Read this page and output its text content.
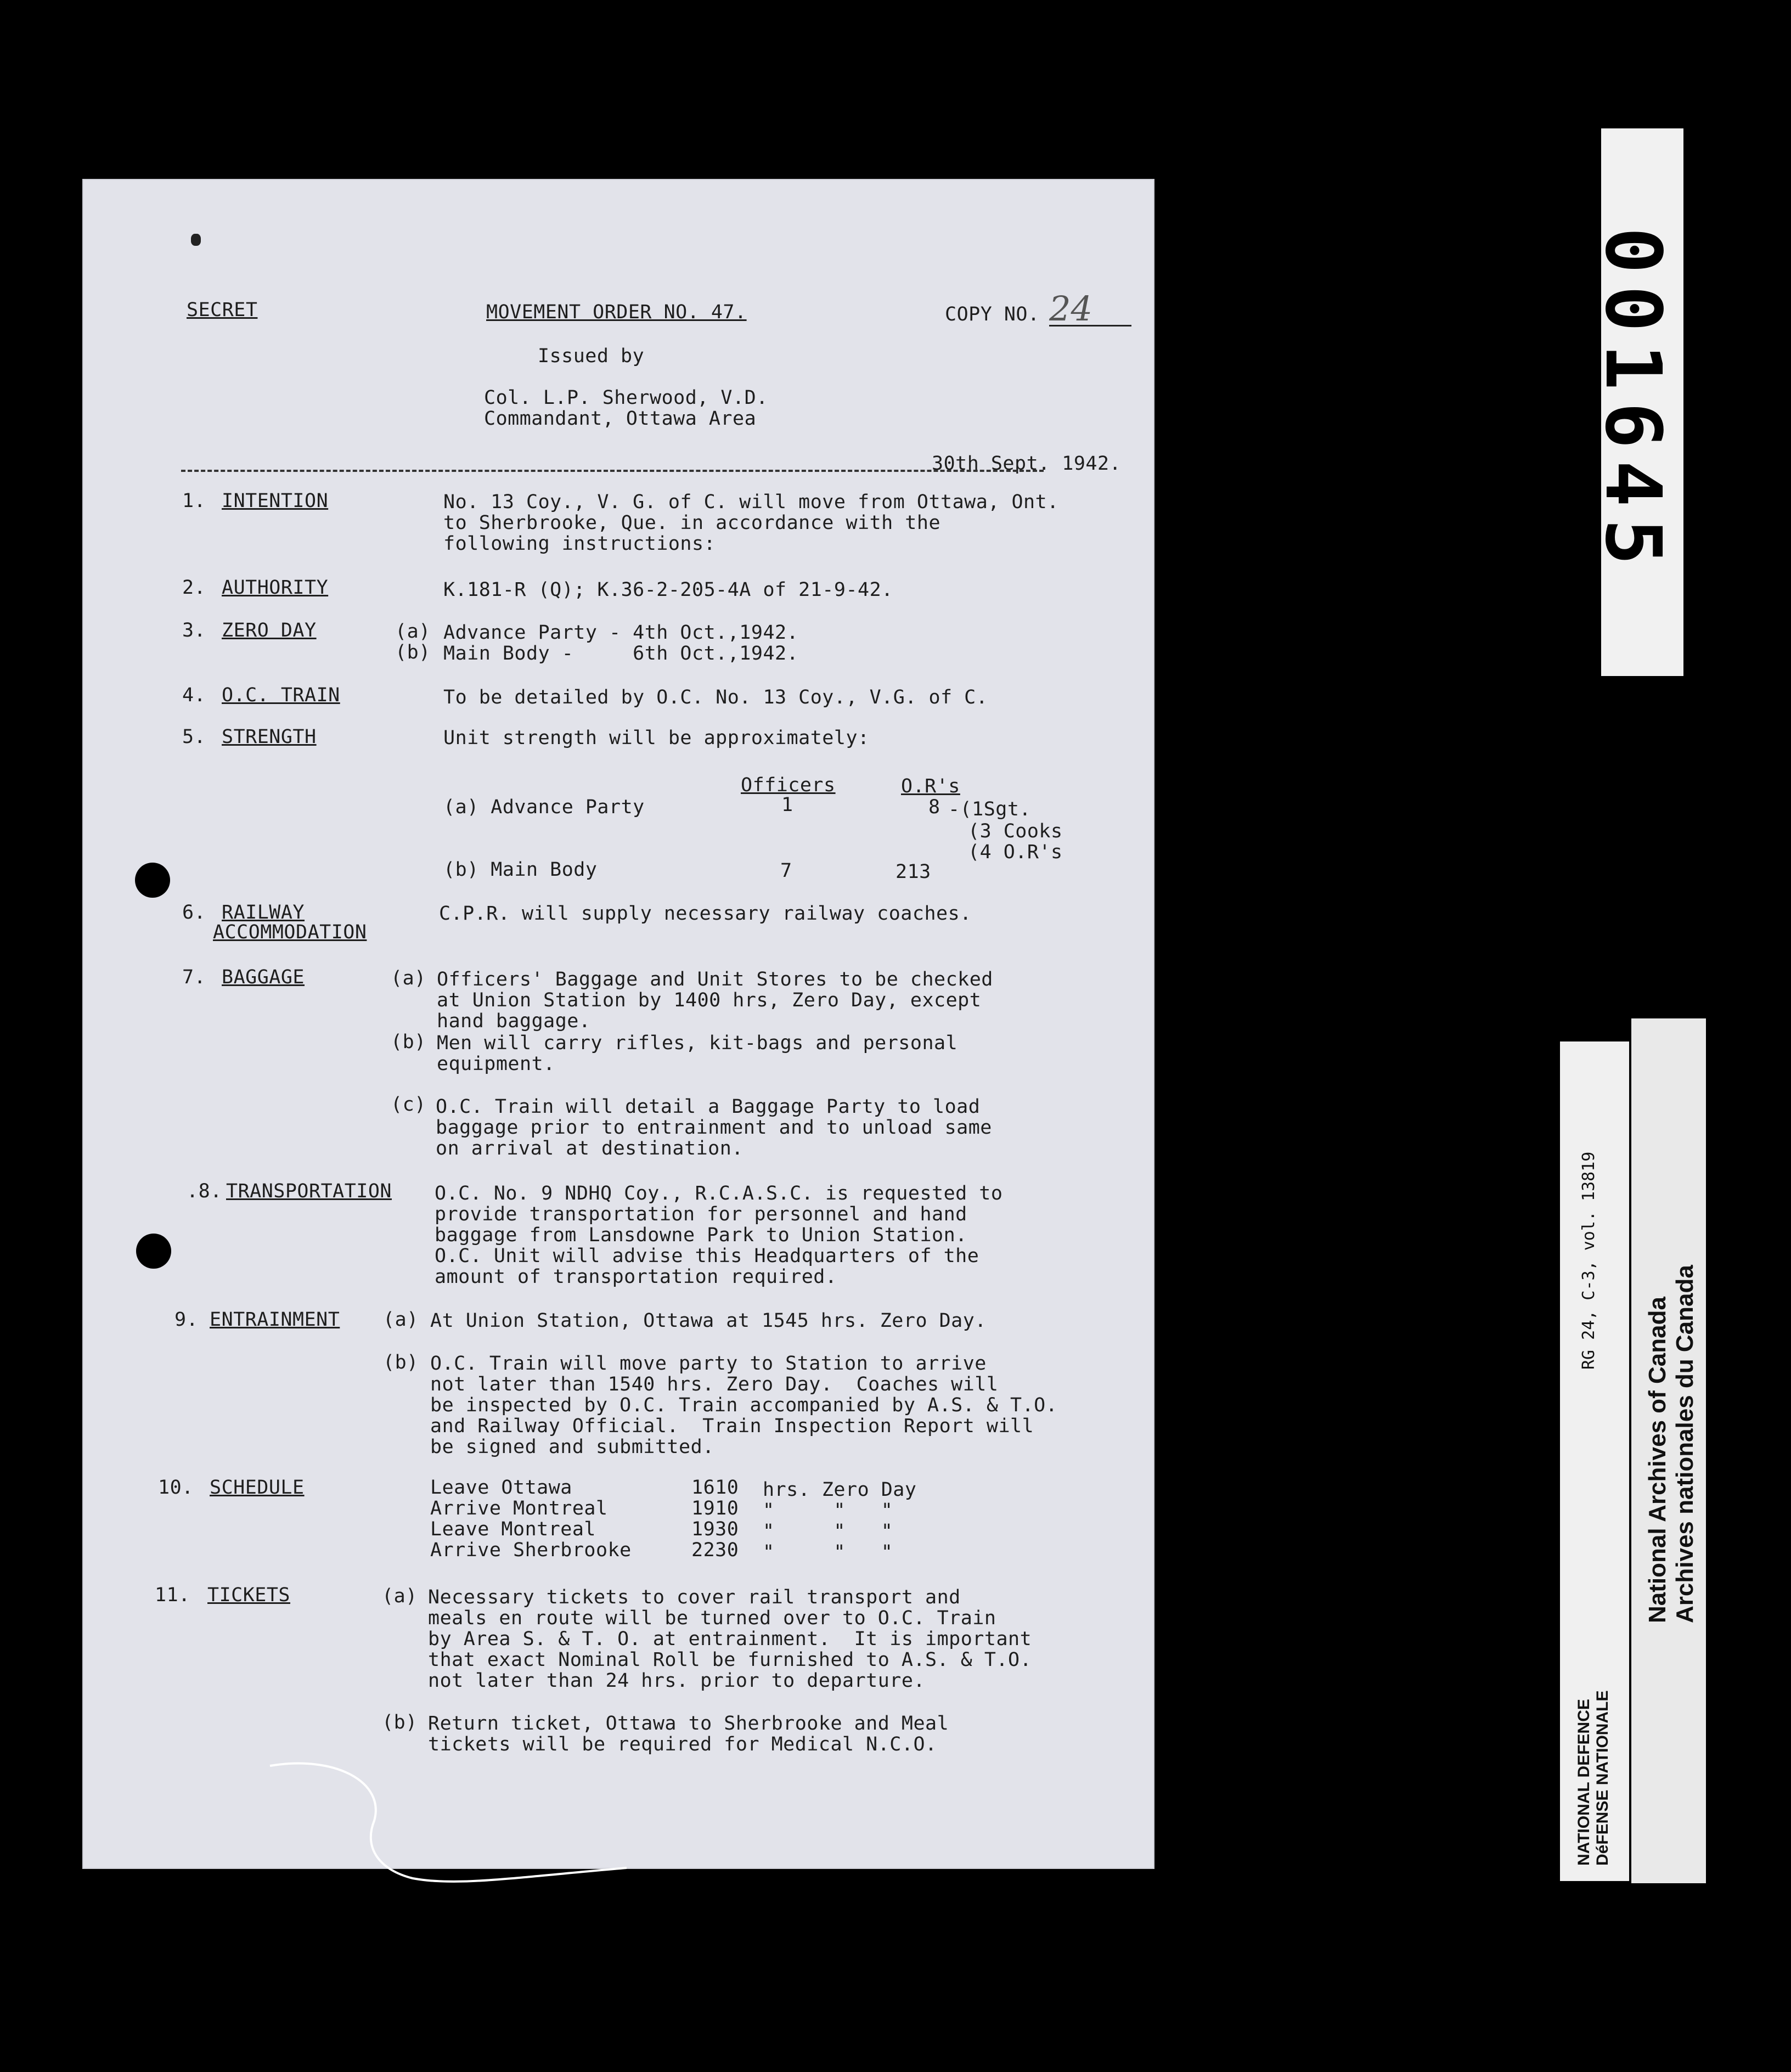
SECRET	MOVEMENT ORDER NO. 47.	COPY NO. 24
Issued by
Col. L.P. Sherwood, V.D.
Commandant, Ottawa Area
30th Sept. 1942.
1. INTENTION	No. 13 Coy., V. G. of C. will move from Ottawa, Ont.
to Sherbrooke, Que. in accordance with the
following instructions:
2. AUTHORITY	K.181-R (Q); K.36-2-205-4A of 21-9-42.
3. ZERO DAY	(a) Advance Party - 4th Oct.,1942.
(b) Main Body -     6th Oct.,1942.
4. O.C. TRAIN	To be detailed by O.C. No. 13 Coy., V.G. of C.
5. STRENGTH	Unit strength will be approximately:
Officers	O.R's
(a) Advance Party	1	8 -(1Sgt.
(3 Cooks
(4 O.R's
(b) Main Body	7	213
6. RAILWAY
ACCOMMODATION
C.P.R. will supply necessary railway coaches.
7. BAGGAGE	(a) Officers' Baggage and Unit Stores to be checked
at Union Station by 1400 hrs, Zero Day, except
hand baggage.
(b) Men will carry rifles, kit-bags and personal
equipment.
(c) O.C. Train will detail a Baggage Party to load
baggage prior to entrainment and to unload same
on arrival at destination.
.8. TRANSPORTATION O.C. No. 9 NDHQ Coy., R.C.A.S.C. is requested to
provide transportation for personnel and hand
baggage from Lansdowne Park to Union Station.
O.C. Unit will advise this Headquarters of the
amount of transportation required.
9. ENTRAINMENT (a) At Union Station, Ottawa at 1545 hrs. Zero Day.
(b) O.C. Train will move party to Station to arrive
not later than 1540 hrs. Zero Day.  Coaches will
be inspected by O.C. Train accompanied by A.S. & T.O.
and Railway Official.  Train Inspection Report will
be signed and submitted.
10. SCHEDULE	Leave Ottawa	1610 hrs. Zero Day
Arrive Montreal	1910 "     "   "
Leave Montreal	1930 "     "   "
Arrive Sherbrooke	2230 "     "   "
11. TICKETS	(a) Necessary tickets to cover rail transport and
meals en route will be turned over to O.C. Train
by Area S. & T. O. at entrainment.  It is important
that exact Nominal Roll be furnished to A.S. & T.O.
not later than 24 hrs. prior to departure.
(b) Return ticket, Ottawa to Sherbrooke and Meal
tickets will be required for Medical N.C.O.
001645
NATIONAL DEFENCE DéFENSE NATIONALE
RG 24, C-3, vol. 13819
National Archives of Canada Archives nationales du Canada
